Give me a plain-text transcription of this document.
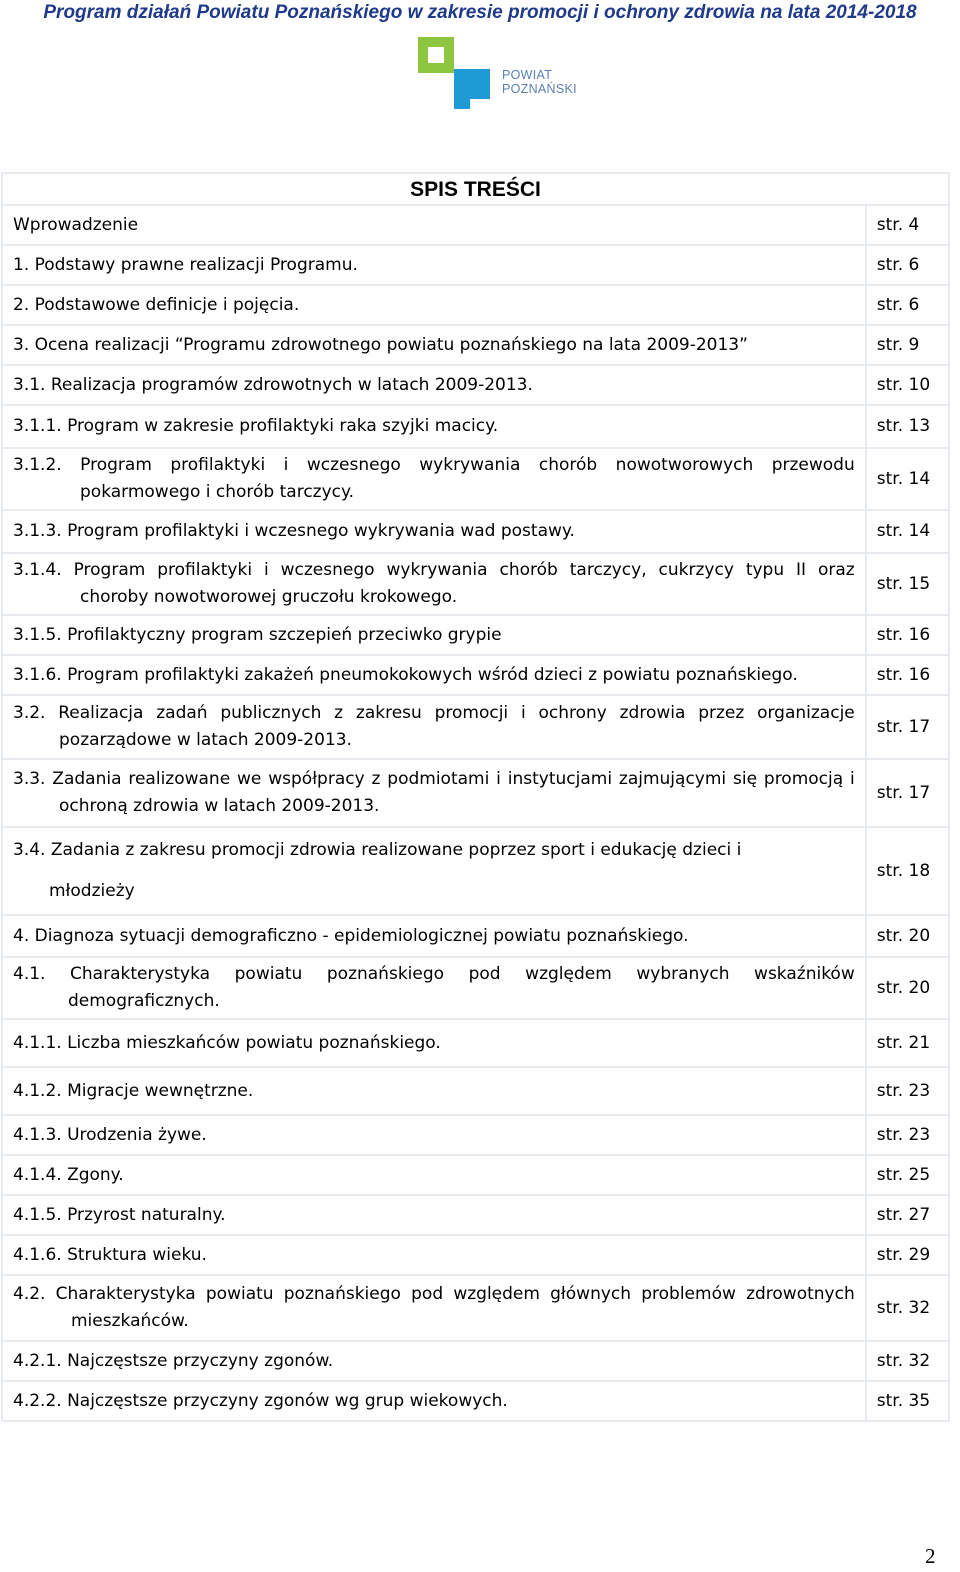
Program działań Powiatu Poznańskiego w zakresie promocji i ochrony zdrowia na lata 2014-2018
POWIAT
POZNAŃSKI
SPIS TREŚCI	
Wprowadzenie	str. 4
1. Podstawy prawne realizacji Programu.	str. 6
2. Podstawowe definicje i pojęcia.	str. 6
3. Ocena realizacji “Programu zdrowotnego powiatu poznańskiego na lata 2009-2013”	str. 9
3.1. Realizacja programów zdrowotnych w latach 2009-2013.	str. 10
3.1.1. Program w zakresie profilaktyki raka szyjki macicy.	str. 13
3.1.2. Program profilaktyki i wczesnego wykrywania chorób nowotworowych przewodu pokarmowego i chorób tarczycy.	str. 14
3.1.3. Program profilaktyki i wczesnego wykrywania wad postawy.	str. 14
3.1.4. Program profilaktyki i wczesnego wykrywania chorób tarczycy, cukrzycy typu II oraz choroby nowotworowej gruczołu krokowego.	str. 15
3.1.5. Profilaktyczny program szczepień przeciwko grypie	str. 16
3.1.6. Program profilaktyki zakażeń pneumokokowych wśród dzieci z powiatu poznańskiego.	str. 16
3.2. Realizacja zadań publicznych z zakresu promocji i ochrony zdrowia przez organizacje pozarządowe w latach 2009-2013.	str. 17
3.3. Zadania realizowane we współpracy z podmiotami i instytucjami zajmującymi się promocją i ochroną zdrowia w latach 2009-2013.	str. 17
3.4. Zadania z zakresu promocji zdrowia realizowane poprzez sport i edukację dzieci i
młodzieży	str. 18
4. Diagnoza sytuacji demograficzno - epidemiologicznej powiatu poznańskiego.	str. 20
4.1. Charakterystyka powiatu poznańskiego pod względem wybranych wskaźników demograficznych.	str. 20
4.1.1. Liczba mieszkańców powiatu poznańskiego.	str. 21
4.1.2. Migracje wewnętrzne.	str. 23
4.1.3. Urodzenia żywe.	str. 23
4.1.4. Zgony.	str. 25
4.1.5. Przyrost naturalny.	str. 27
4.1.6. Struktura wieku.	str. 29
4.2. Charakterystyka powiatu poznańskiego pod względem głównych problemów zdrowotnych mieszkańców.	str. 32
4.2.1. Najczęstsze przyczyny zgonów.	str. 32
4.2.2. Najczęstsze przyczyny zgonów wg grup wiekowych.	str. 35
2
